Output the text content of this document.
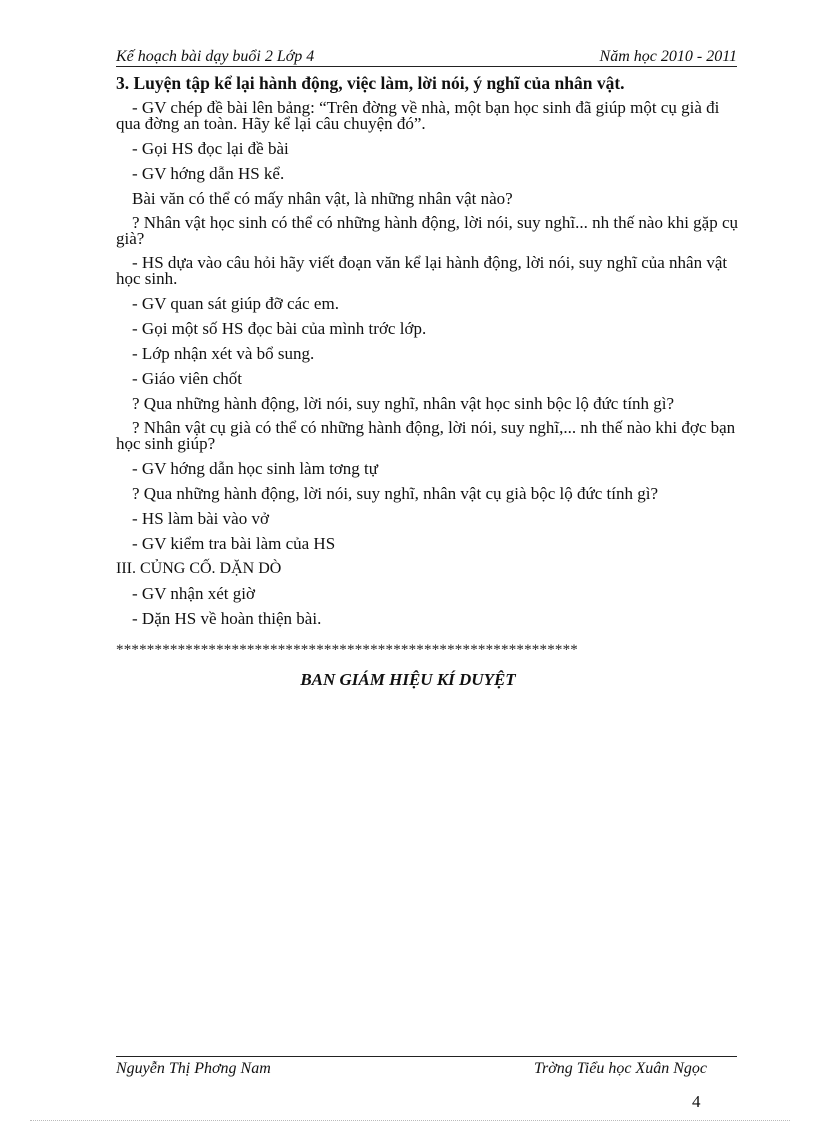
Kế hoạch bài dạy buổi 2 Lớp 4	Năm học 2010 - 2011
3. Luyện tập kể lại hành động, việc làm, lời nói, ý nghĩ của nhân vật.
- GV chép đề bài lên bảng: “Trên đờng về nhà, một bạn học sinh đã giúp một cụ già đi qua đờng an toàn. Hãy kể lại câu chuyện đó”.
- Gọi HS đọc lại đề bài
- GV hớng dẫn HS kể.
Bài văn có thể có mấy nhân vật, là những nhân vật nào?
? Nhân vật học sinh có thể có những hành động, lời nói, suy nghĩ... nh thế nào khi gặp cụ già?
- HS dựa vào câu hỏi hãy viết đoạn văn kể lại hành động, lời nói, suy nghĩ của nhân vật học sinh.
- GV quan sát giúp đỡ các em.
- Gọi một số HS đọc bài của mình trớc lớp.
- Lớp nhận xét và bổ sung.
- Giáo viên chốt
? Qua những hành động, lời nói, suy nghĩ, nhân vật học sinh bộc lộ đức tính gì?
? Nhân vật cụ già có thể có những hành động, lời nói, suy nghĩ,... nh thế nào khi đợc bạn học sinh giúp?
- GV hớng dẫn học sinh làm tơng tự
? Qua những hành động, lời nói, suy nghĩ, nhân vật cụ già bộc lộ đức tính gì?
- HS làm bài vào vở
- GV kiểm tra bài làm của HS
III. CỦNG CỐ. DẶN DÒ
- GV nhận xét giờ
- Dặn HS về hoàn thiện bài.
************************************************************
BAN GIÁM HIỆU KÍ DUYỆT
Nguyễn Thị Phơng Nam	Trờng Tiểu học Xuân Ngọc
4
